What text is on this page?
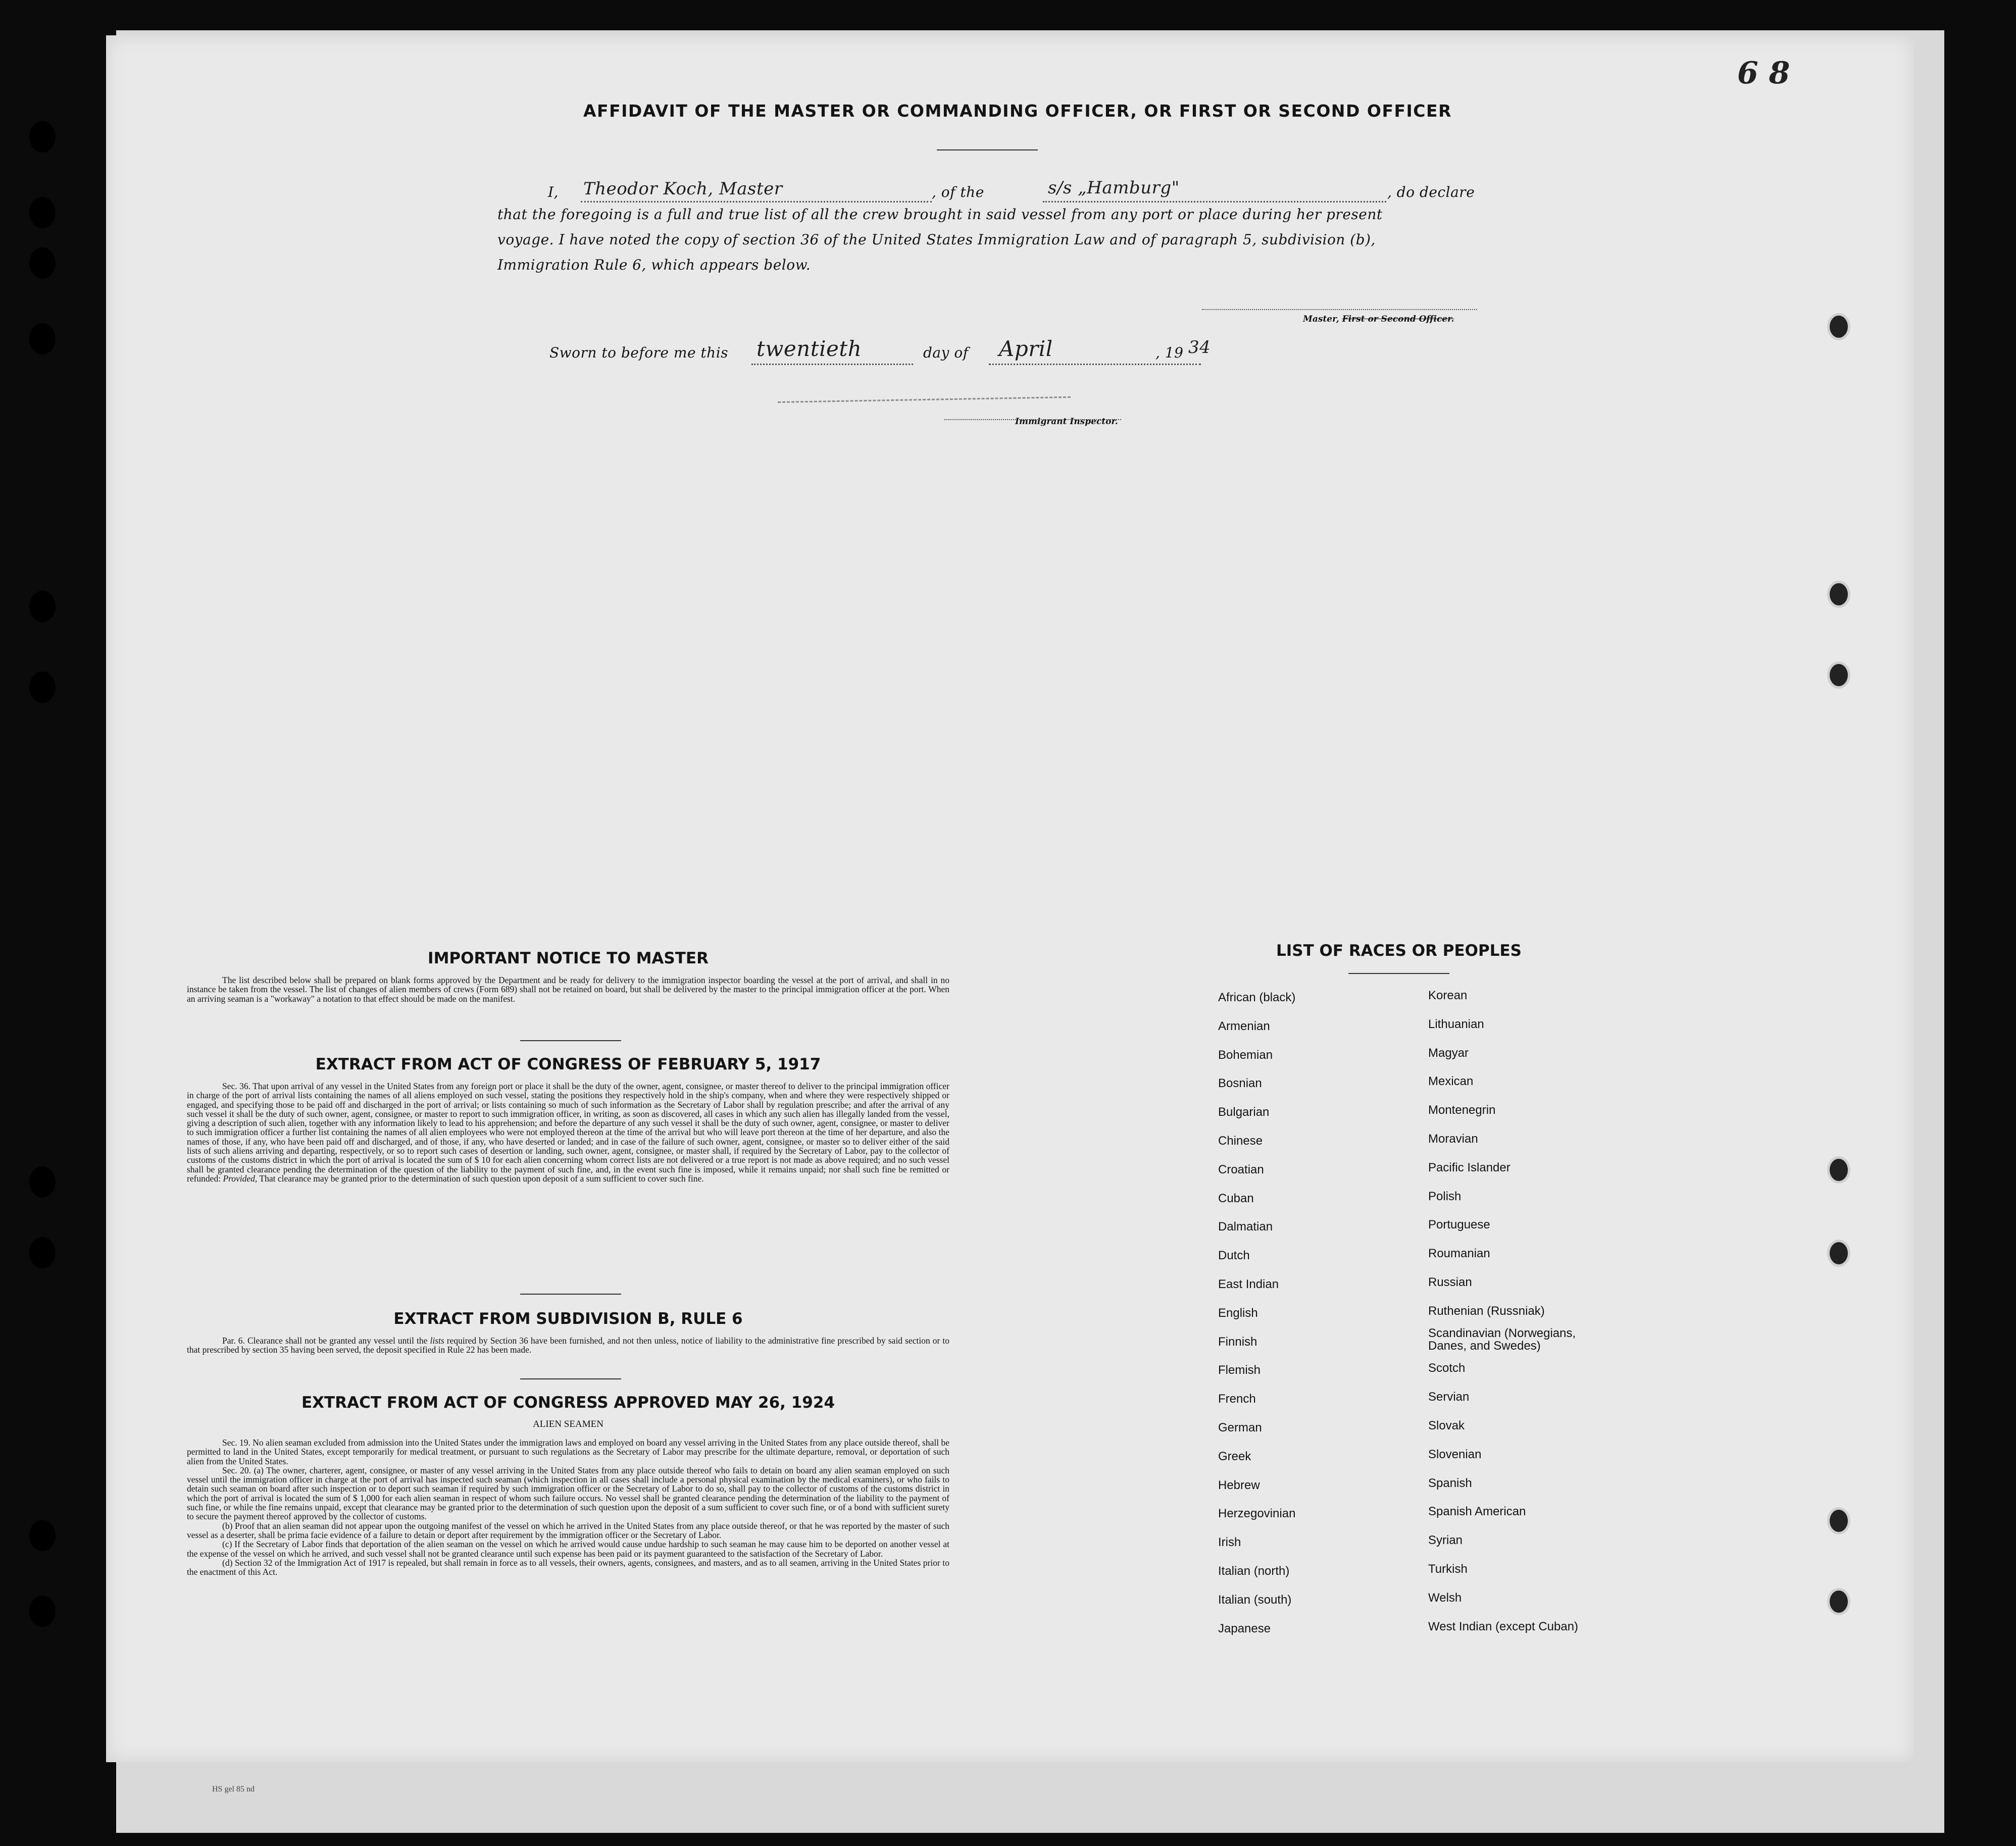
6 8
AFFIDAVIT OF THE MASTER OR COMMANDING OFFICER, OR FIRST OR SECOND OFFICER
I, Theodor Koch, Master	, of the	s/s „Hamburg"	, do declare
that the foregoing is a full and true list of all the crew brought in said vessel from any port or place during her present
voyage. I have noted the copy of section 36 of the United States Immigration Law and of paragraph 5, subdivision (b),
Immigration Rule 6, which appears below.
Master, First or Second Officer.
Sworn to before me this twentieth	day of April	, 19 34
Immigrant Inspector.
IMPORTANT NOTICE TO MASTER
The list described below shall be prepared on blank forms approved by the Department and be ready for delivery to the immigration inspector boarding the vessel at the port of arrival, and shall in no instance be taken from the vessel. The list of changes of alien members of crews (Form 689) shall not be retained on board, but shall be delivered by the master to the principal immigration officer at the port. When an arriving seaman is a "workaway" a notation to that effect should be made on the manifest.
EXTRACT FROM ACT OF CONGRESS OF FEBRUARY 5, 1917
Sec. 36. That upon arrival of any vessel in the United States from any foreign port or place it shall be the duty of the owner, agent, consignee, or master thereof to deliver to the principal immigration officer in charge of the port of arrival lists containing the names of all aliens employed on such vessel, stating the positions they respectively hold in the ship's company, when and where they were respectively shipped or engaged, and specifying those to be paid off and discharged in the port of arrival; or lists containing so much of such information as the Secretary of Labor shall by regulation prescribe; and after the arrival of any such vessel it shall be the duty of such owner, agent, consignee, or master to report to such immigration officer, in writing, as soon as discovered, all cases in which any such alien has illegally landed from the vessel, giving a description of such alien, together with any information likely to lead to his apprehension; and before the departure of any such vessel it shall be the duty of such owner, agent, consignee, or master to deliver to such immigration officer a further list containing the names of all alien employees who were not employed thereon at the time of the arrival but who will leave port thereon at the time of her departure, and also the names of those, if any, who have been paid off and discharged, and of those, if any, who have deserted or landed; and in case of the failure of such owner, agent, consignee, or master so to deliver either of the said lists of such aliens arriving and departing, respectively, or so to report such cases of desertion or landing, such owner, agent, consignee, or master shall, if required by the Secretary of Labor, pay to the collector of customs of the customs district in which the port of arrival is located the sum of $ 10 for each alien concerning whom correct lists are not delivered or a true report is not made as above required; and no such vessel shall be granted clearance pending the determination of the question of the liability to the payment of such fine, and, in the event such fine is imposed, while it remains unpaid; nor shall such fine be remitted or refunded: Provided, That clearance may be granted prior to the determination of such question upon deposit of a sum sufficient to cover such fine.
EXTRACT FROM SUBDIVISION B, RULE 6
Par. 6. Clearance shall not be granted any vessel until the lists required by Section 36 have been furnished, and not then unless, notice of liability to the administrative fine prescribed by said section or to that prescribed by section 35 having been served, the deposit specified in Rule 22 has been made.
EXTRACT FROM ACT OF CONGRESS APPROVED MAY 26, 1924
ALIEN SEAMEN
Sec. 19. No alien seaman excluded from admission into the United States under the immigration laws and employed on board any vessel arriving in the United States from any place outside thereof, shall be permitted to land in the United States, except temporarily for medical treatment, or pursuant to such regulations as the Secretary of Labor may prescribe for the ultimate departure, removal, or deportation of such alien from the United States.
Sec. 20. (a) The owner, charterer, agent, consignee, or master of any vessel arriving in the United States from any place outside thereof who fails to detain on board any alien seaman employed on such vessel until the immigration officer in charge at the port of arrival has inspected such seaman (which inspection in all cases shall include a personal physical examination by the medical examiners), or who fails to detain such seaman on board after such inspection or to deport such seaman if required by such immigration officer or the Secretary of Labor to do so, shall pay to the collector of customs of the customs district in which the port of arrival is located the sum of $ 1,000 for each alien seaman in respect of whom such failure occurs. No vessel shall be granted clearance pending the determination of the liability to the payment of such fine, or while the fine remains unpaid, except that clearance may be granted prior to the determination of such question upon the deposit of a sum sufficient to cover such fine, or of a bond with sufficient surety to secure the payment thereof approved by the collector of customs.
(b) Proof that an alien seaman did not appear upon the outgoing manifest of the vessel on which he arrived in the United States from any place outside thereof, or that he was reported by the master of such vessel as a deserter, shall be prima facie evidence of a failure to detain or deport after requirement by the immigration officer or the Secretary of Labor.
(c) If the Secretary of Labor finds that deportation of the alien seaman on the vessel on which he arrived would cause undue hardship to such seaman he may cause him to be deported on another vessel at the expense of the vessel on which he arrived, and such vessel shall not be granted clearance until such expense has been paid or its payment guaranteed to the satisfaction of the Secretary of Labor.
(d) Section 32 of the Immigration Act of 1917 is repealed, but shall remain in force as to all vessels, their owners, agents, consignees, and masters, and as to all seamen, arriving in the United States prior to the enactment of this Act.
HS gel 85 nd
LIST OF RACES OR PEOPLES
African (black)
Armenian
Bohemian
Bosnian
Bulgarian
Chinese
Croatian
Cuban
Dalmatian
Dutch
East Indian
English
Finnish
Flemish
French
German
Greek
Hebrew
Herzegovinian
Irish
Italian (north)
Italian (south)
Japanese
Korean
Lithuanian
Magyar
Mexican
Montenegrin
Moravian
Pacific Islander
Polish
Portuguese
Roumanian
Russian
Ruthenian (Russniak)
Scandinavian (Norwegians, Danes, and Swedes)
Scotch
Servian
Slovak
Slovenian
Spanish
Spanish American
Syrian
Turkish
Welsh
West Indian (except Cuban)
